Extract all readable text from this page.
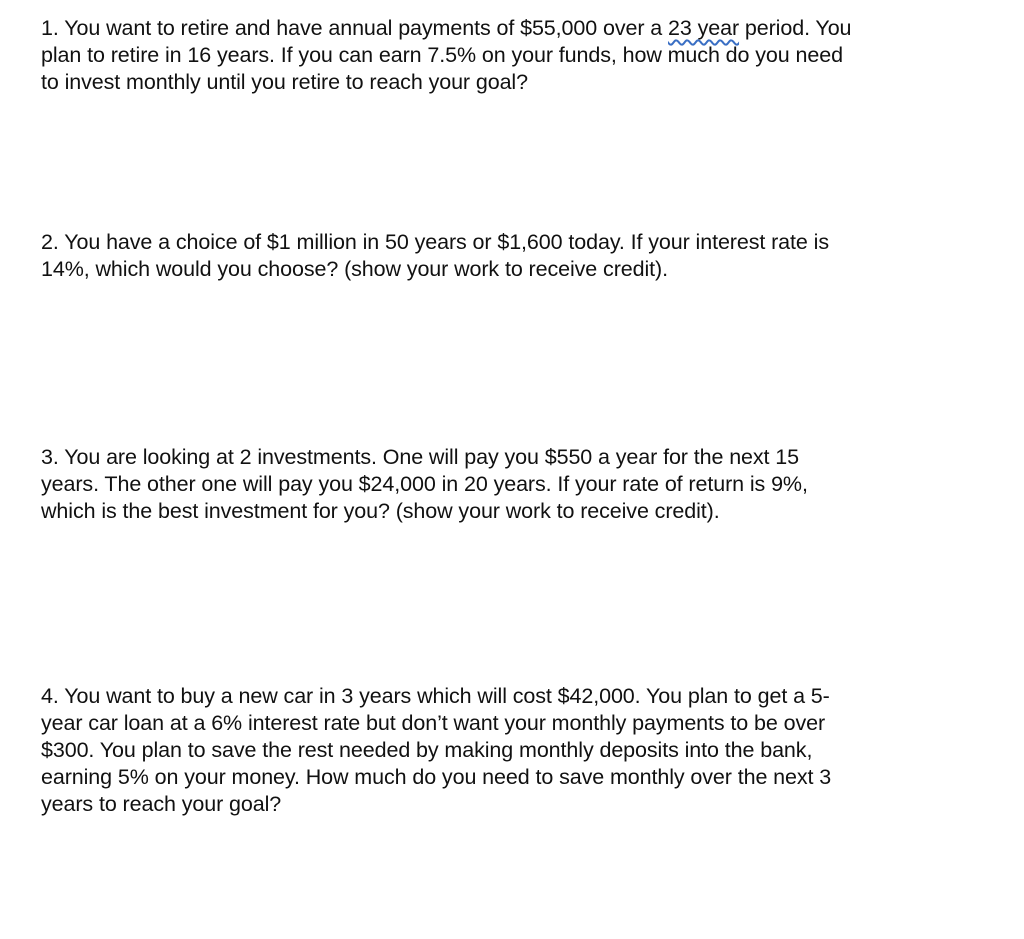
1. You want to retire and have annual payments of $55,000 over a 23 year period. You
plan to retire in 16 years. If you can earn 7.5% on your funds, how much do you need
to invest monthly until you retire to reach your goal?
2. You have a choice of $1 million in 50 years or $1,600 today. If your interest rate is
14%, which would you choose? (show your work to receive credit).
3. You are looking at 2 investments. One will pay you $550 a year for the next 15
years. The other one will pay you $24,000 in 20 years. If your rate of return is 9%,
which is the best investment for you? (show your work to receive credit).
4. You want to buy a new car in 3 years which will cost $42,000. You plan to get a 5-
year car loan at a 6% interest rate but don’t want your monthly payments to be over
$300. You plan to save the rest needed by making monthly deposits into the bank,
earning 5% on your money. How much do you need to save monthly over the next 3
years to reach your goal?
